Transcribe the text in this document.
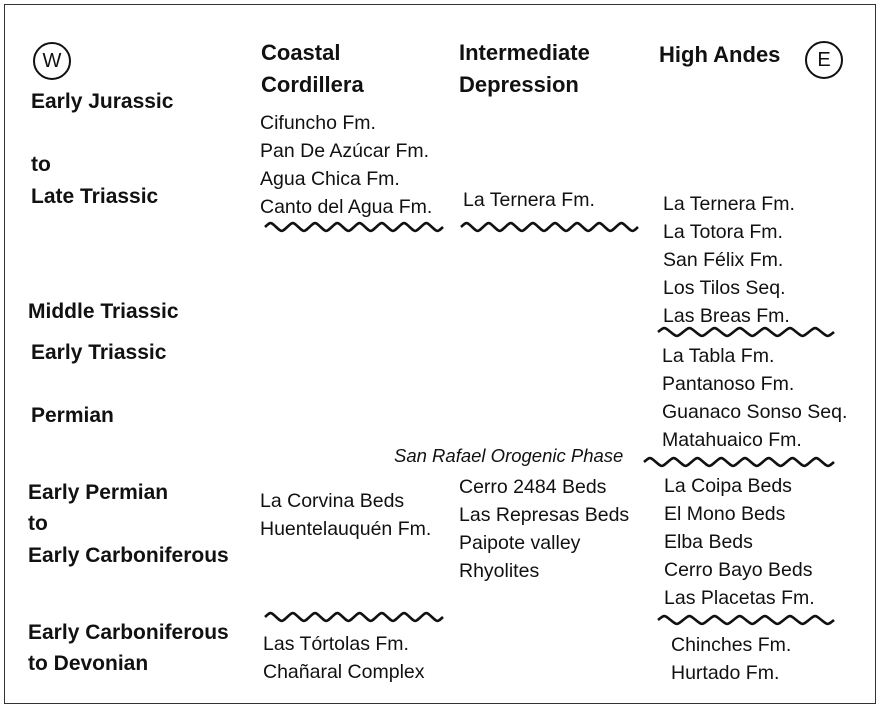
W	E
Coastal
Cordillera
Intermediate
Depression
High Andes
Early Jurassic
to
Late Triassic
Middle Triassic
Early Triassic
Permian
Early Permian
to
Early Carboniferous
Early Carboniferous
to Devonian
Cifuncho Fm.
Pan De Azúcar Fm.
Agua Chica Fm.
Canto del Agua Fm.
La Corvina Beds
Huentelauquén Fm.
Las Tórtolas Fm.
Chañaral Complex
La Ternera Fm.
San Rafael Orogenic Phase
Cerro 2484 Beds
Las Represas Beds
Paipote valley
Rhyolites
La Ternera Fm.
La Totora Fm.
San Félix Fm.
Los Tilos Seq.
Las Breas Fm.
La Tabla Fm.
Pantanoso Fm.
Guanaco Sonso Seq.
Matahuaico Fm.
La Coipa Beds
El Mono Beds
Elba Beds
Cerro Bayo Beds
Las Placetas Fm.
Chinches Fm.
Hurtado Fm.
